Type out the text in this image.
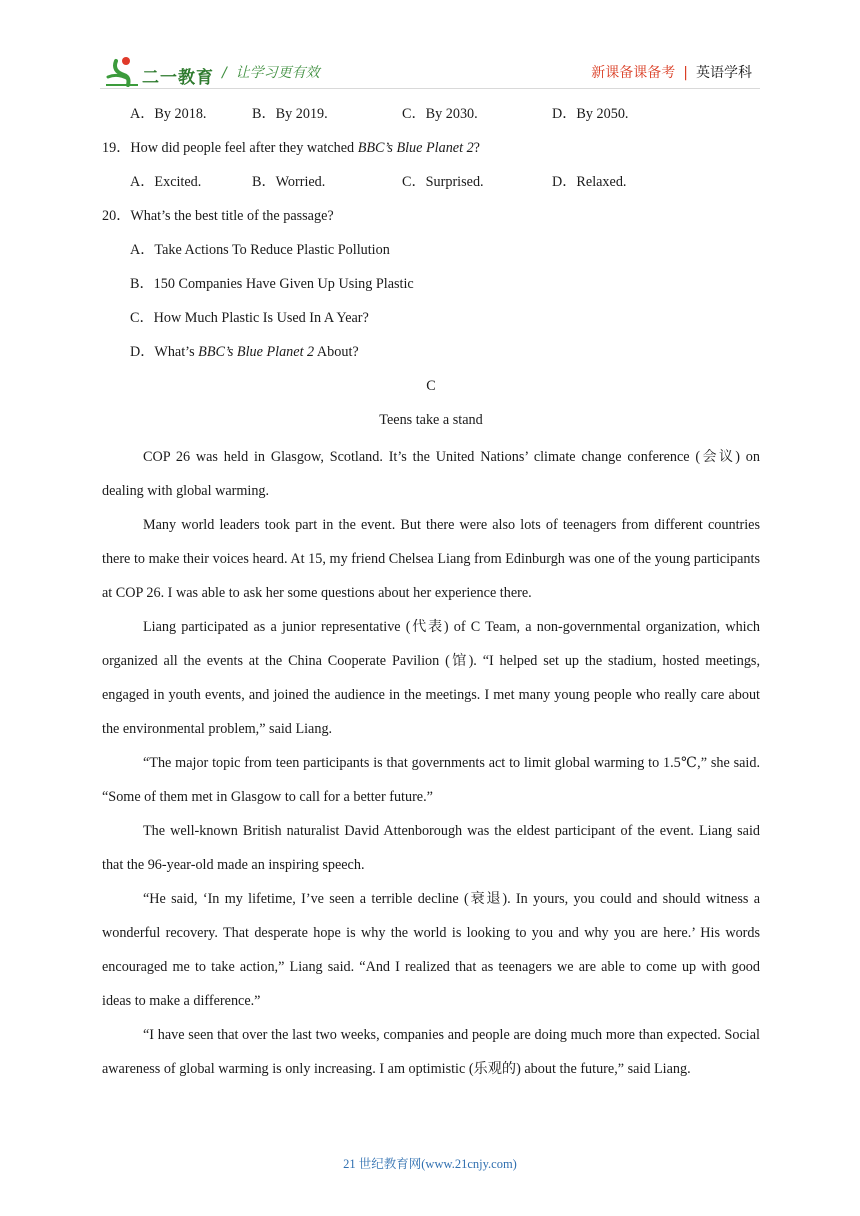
二一教育 /  让学习更有效	新课备课备考 | 英语学科
A．By 2018.	B．By 2019.	C．By 2030.	D．By 2050.
19．How did people feel after they watched BBC’s Blue Planet 2?
A．Excited.	B．Worried.	C．Surprised.	D．Relaxed.
20．What’s the best title of the passage?
A．Take Actions To Reduce Plastic Pollution
B．150 Companies Have Given Up Using Plastic
C．How Much Plastic Is Used In A Year?
D．What’s BBC’s Blue Planet 2 About?
C
Teens take a stand

COP 26 was held in Glasgow, Scotland. It’s the United Nations’ climate change conference (会议) on dealing with global warming.

Many world leaders took part in the event. But there were also lots of teenagers from different countries there to make their voices heard. At 15, my friend Chelsea Liang from Edinburgh was one of the young participants at COP 26. I was able to ask her some questions about her experience there.

Liang participated as a junior representative (代表) of C Team, a non-governmental organization, which organized all the events at the China Cooperate Pavilion (馆). “I helped set up the stadium, hosted meetings, engaged in youth events, and joined the audience in the meetings. I met many young people who really care about the environmental problem,” said Liang.

“The major topic from teen participants is that governments act to limit global warming to 1.5℃,” she said. “Some of them met in Glasgow to call for a better future.”

The well-known British naturalist David Attenborough was the eldest participant of the event. Liang said that the 96-year-old made an inspiring speech.

“He said, ‘In my lifetime, I’ve seen a terrible decline (衰退). In yours, you could and should witness a wonderful recovery. That desperate hope is why the world is looking to you and why you are here.’ His words encouraged me to take action,” Liang said. “And I realized that as teenagers we are able to come up with good ideas to make a difference.”

“I have seen that over the last two weeks, companies and people are doing much more than expected. Social awareness of global warming is only increasing. I am optimistic (乐观的) about the future,” said Liang.

21 世纪教育网(www.21cnjy.com)
